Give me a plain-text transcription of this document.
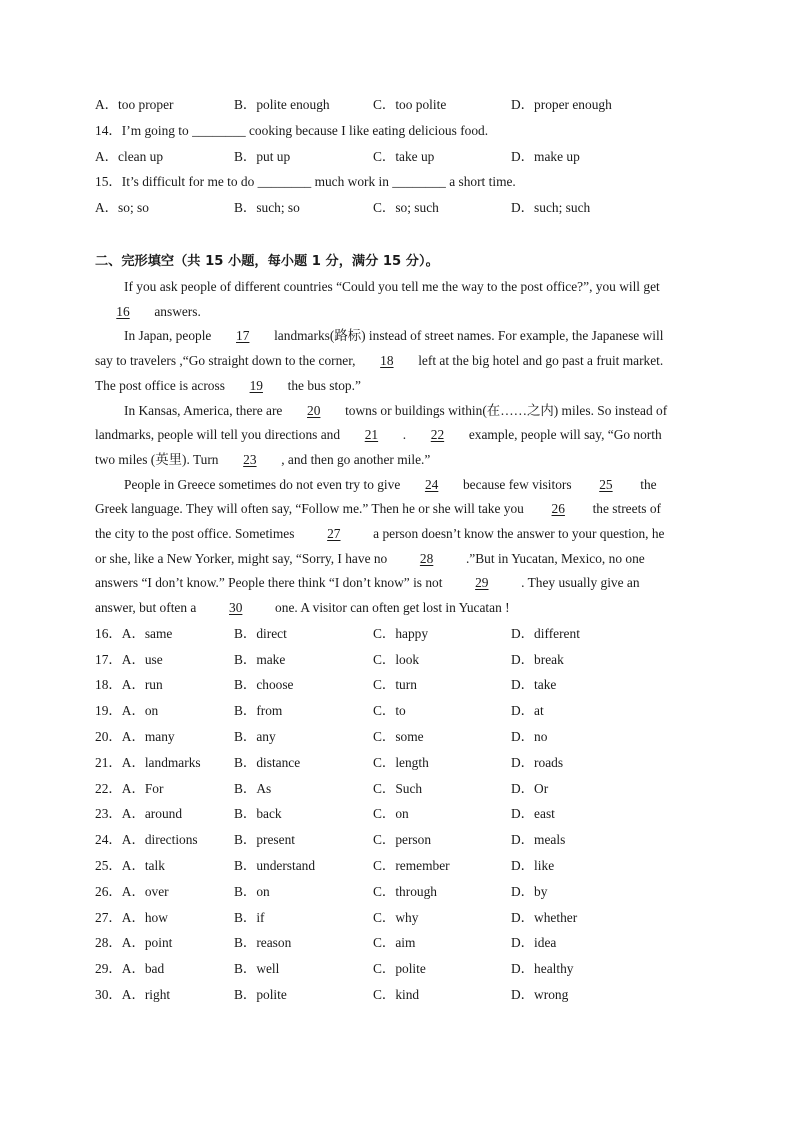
A．too proper	B．polite enough	C．too polite	D．proper enough
14．I’m going to ________ cooking because I like eating delicious food.
A．clean up	B．put up	C．take up	D．make up
15．It’s difficult for me to do ________ much work in ________ a short time.
A．so; so	B．such; so	C．so; such	D．such; such
二、完形填空（共 15 小题，每小题 1 分，满分 15 分）。
If you ask people of different countries “Could you tell me the way to the post office?”, you will get
16 answers.
In Japan, people 17 landmarks(路标) instead of street names. For example, the Japanese will
say to travelers ,“Go straight down to the corner, 18 left at the big hotel and go past a fruit market.
The post office is across 19 the bus stop.”
In Kansas, America, there are 20 towns or buildings within(在……之内) miles. So instead of
landmarks, people will tell you directions and 21 . 22 example, people will say, “Go north
two miles (英里). Turn 23 , and then go another mile.”
People in Greece sometimes do not even try to give 24 because few visitors 25 the
Greek language. They will often say, “Follow me.” Then he or she will take you 26 the streets of
the city to the post office. Sometimes 27 a person doesn’t know the answer to your question, he
or she, like a New Yorker, might say, “Sorry, I have no 28 .”But in Yucatan, Mexico, no one
answers “I don’t know.” People there think “I don’t know” is not 29 . They usually give an
answer, but often a 30 one. A visitor can often get lost in Yucatan !
16．A．same	B．direct	C．happy	D．different
17．A．use	B．make	C．look	D．break
18．A．run	B．choose	C．turn	D．take
19．A．on	B．from	C．to	D．at
20．A．many	B．any	C．some	D．no
21．A．landmarks B．distance	C．length	D．roads
22．A．For	B．As	C．Such	D．Or
23．A．around	B．back	C．on	D．east
24．A．directions	B．present	C．person	D．meals
25．A．talk	B．understand	C．remember	D．like
26．A．over	B．on	C．through	D．by
27．A．how	B．if	C．why	D．whether
28．A．point	B．reason	C．aim	D．idea
29．A．bad	B．well	C．polite	D．healthy
30．A．right	B．polite	C．kind	D．wrong
